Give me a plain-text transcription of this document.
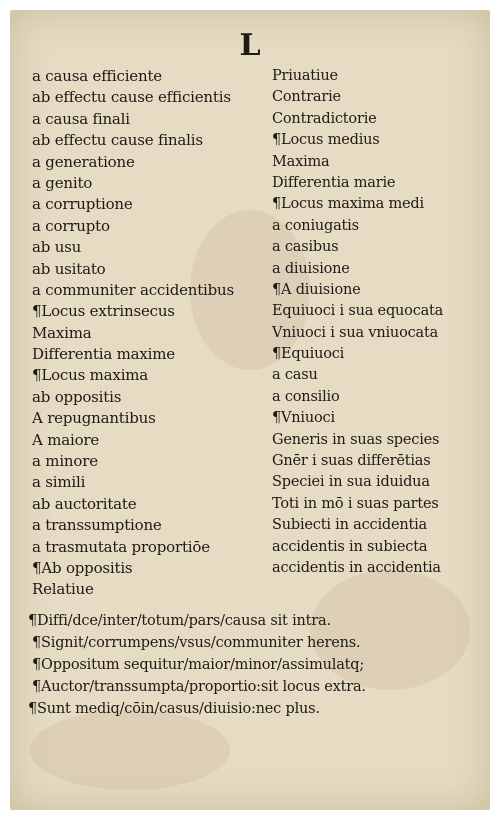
L
a causa efficiente
ab effectu cause efficientis
a causa finali
ab effectu cause finalis
a generatione
a genito
a corruptione
a corrupto
ab usu
ab usitato
a communiter accidentibus
¶Locus extrinsecus
Maxima
Differentia maxime
¶Locus maxima
ab oppositis
A repugnantibus
A maiore
a minore
a simili
ab auctoritate
a transsumptione
a trasmutata proportiōe
¶Ab oppositis
Relatiue
Priuatiue
Contrarie
Contradictorie
¶Locus medius
Maxima
Differentia marie
¶Locus maxima medi
a coniugatis
a casibus
a diuisione
¶A diuisione
Equiuoci i sua equocata
Vniuoci i sua vniuocata
¶Equiuoci
a casu
a consilio
¶Vniuoci
Generis in suas species
Gnēr i suas differētias
Speciei in sua iduidua
Toti in mō i suas partes
Subiecti in accidentia
accidentis in subiecta
accidentis in accidentia
¶Diffi/dce/inter/totum/pars/causa sit intra.
¶Signit/corrumpens/vsus/communiter herens.
¶Oppositum sequitur/maior/minor/assimulatq;
¶Auctor/transsumpta/proportio:sit locus extra.
¶Sunt mediq/cōin/casus/diuisio:nec plus.
